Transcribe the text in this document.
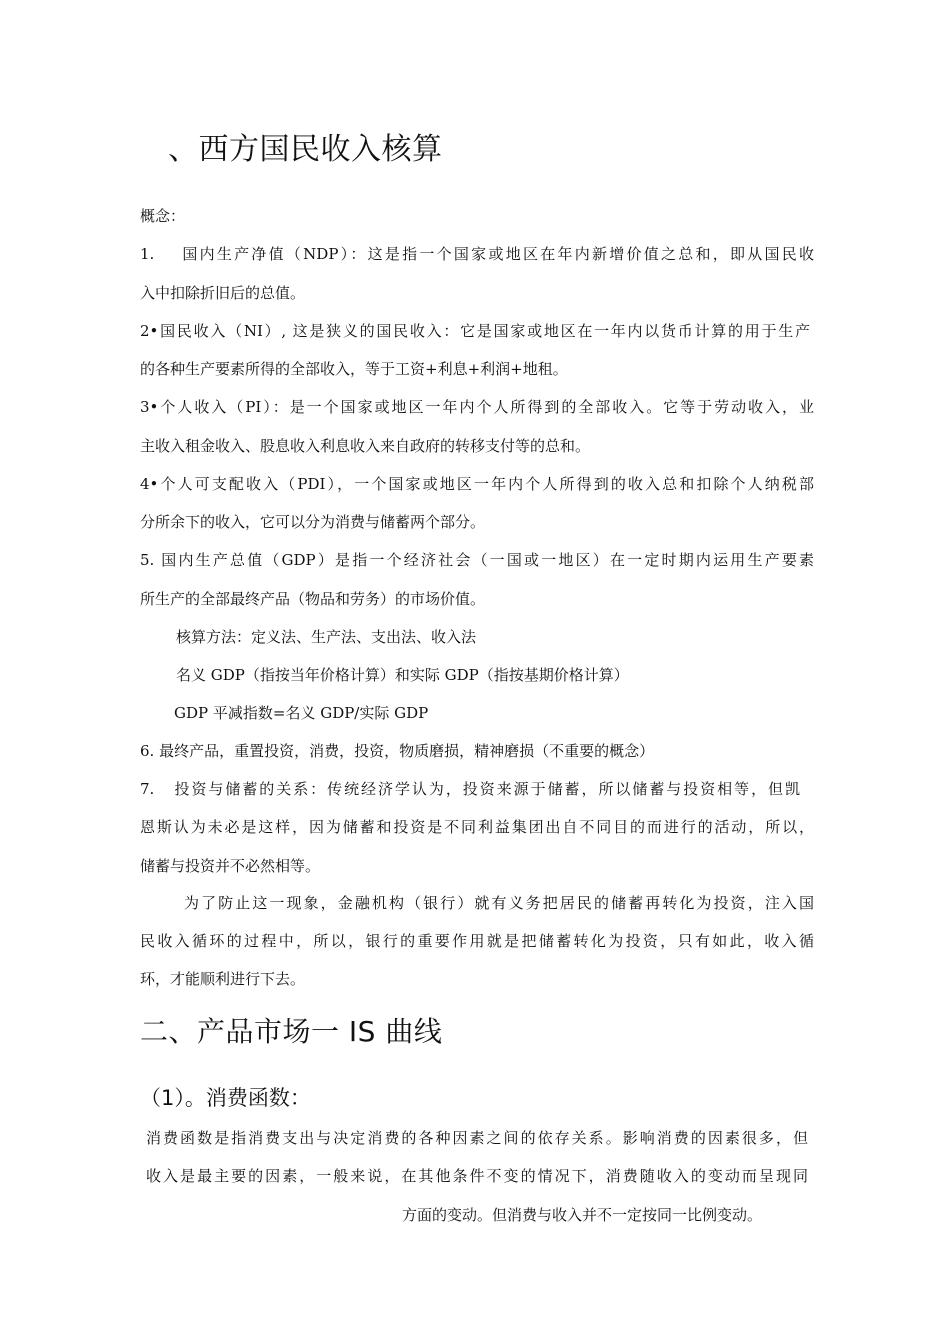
、西方国民收入核算
概念：
1.    国内生产净值（NDP）：这是指一个国家或地区在年内新增价值之总和，即从国民收
入中扣除折旧后的总值。
2•国民收入（NI）, 这是狭义的国民收入：它是国家或地区在一年内以货币计算的用于生产
的各种生产要素所得的全部收入，等于工资+利息+利润+地租。
3•个人收入（PI）：是一个国家或地区一年内个人所得到的全部收入。它等于劳动收入，业
主收入租金收入、股息收入利息收入来自政府的转移支付等的总和。
4•个人可支配收入（PDI），一个国家或地区一年内个人所得到的收入总和扣除个人纳税部
分所余下的收入，它可以分为消费与储蓄两个部分。
5. 国内生产总值（GDP）是指一个经济社会（一国或一地区）在一定时期内运用生产要素
所生产的全部最终产品（物品和劳务）的市场价值。
核算方法：定义法、生产法、支出法、收入法
名义 GDP（指按当年价格计算）和实际 GDP（指按基期价格计算）
GDP 平减指数=名义 GDP/实际 GDP
6. 最终产品，重置投资，消费，投资，物质磨损，精神磨损（不重要的概念）
7.   投资与储蓄的关系：传统经济学认为，投资来源于储蓄，所以储蓄与投资相等，但凯
恩斯认为未必是这样，因为储蓄和投资是不同利益集团出自不同目的而进行的活动，所以，
储蓄与投资并不必然相等。
为了防止这一现象，金融机构（银行）就有义务把居民的储蓄再转化为投资，注入国
民收入循环的过程中，所以，银行的重要作用就是把储蓄转化为投资，只有如此，收入循
环，才能顺利进行下去。
二、产品市场一 IS 曲线
（1）。消费函数：
消费函数是指消费支出与决定消费的各种因素之间的依存关系。影响消费的因素很多，但
收入是最主要的因素，一般来说，在其他条件不变的情况下，消费随收入的变动而呈现同
方面的变动。但消费与收入并不一定按同一比例变动。
